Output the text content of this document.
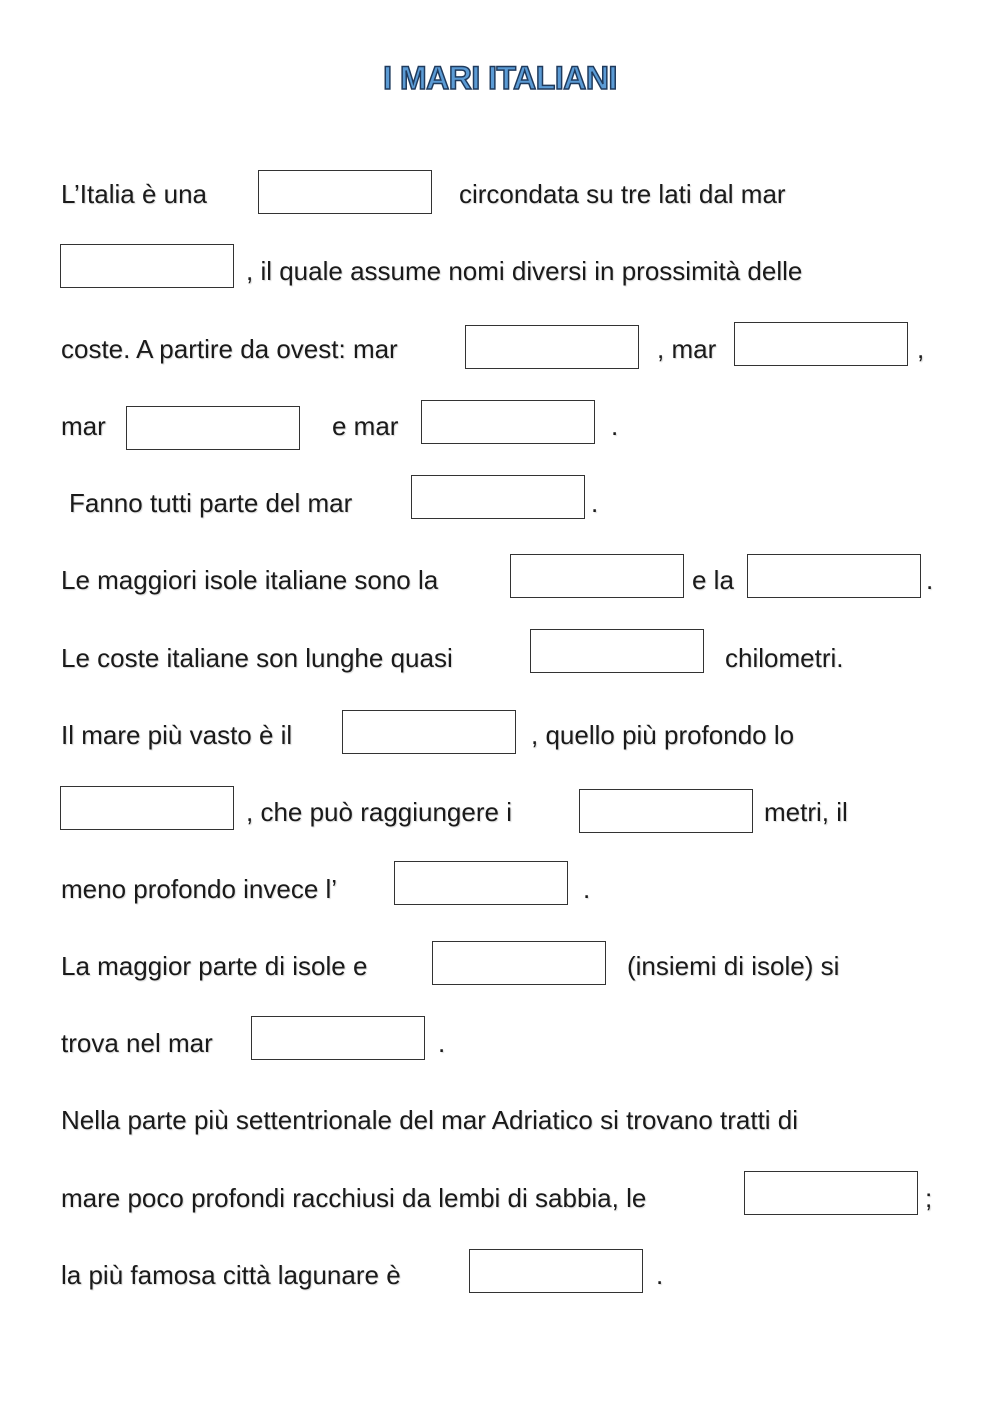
I MARI ITALIANI
L’Italia è una	circondata su tre lati dal mar
, il quale assume nomi diversi in prossimità delle
coste. A partire da ovest: mar	, mar	,
mar	e mar	.
Fanno tutti parte del mar	.
Le maggiori isole italiane sono la	e la	.
Le coste italiane son lunghe quasi	chilometri.
Il mare più vasto è il	, quello più profondo lo
, che può raggiungere i	metri, il
meno profondo invece l’	.
La maggior parte di isole e	(insiemi di isole) si
trova nel mar	.
Nella parte più settentrionale del mar Adriatico si trovano tratti di
mare poco profondi racchiusi da lembi di sabbia, le	;
la più famosa città lagunare è	.
